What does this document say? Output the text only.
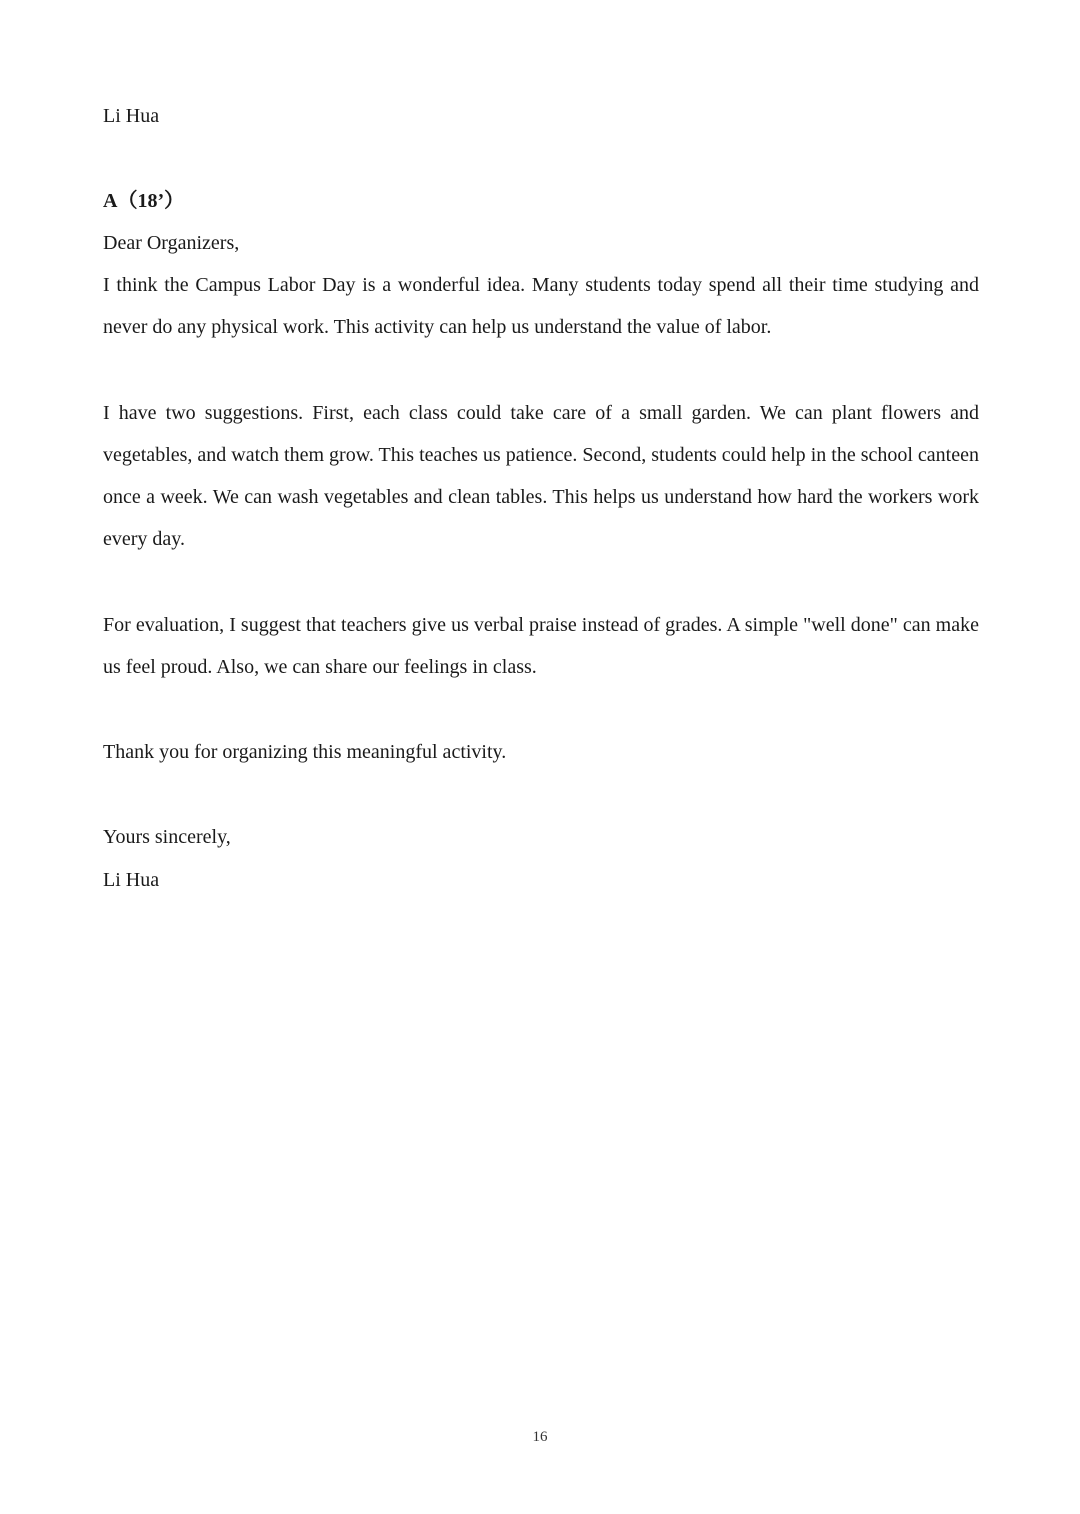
Li Hua

A（18’）

Dear Organizers,

I think the Campus Labor Day is a wonderful idea. Many students today spend all their time studying and never do any physical work. This activity can help us understand the value of labor.

I have two suggestions. First, each class could take care of a small garden. We can plant flowers and vegetables, and watch them grow. This teaches us patience. Second, students could help in the school canteen once a week. We can wash vegetables and clean tables. This helps us understand how hard the workers work every day.

For evaluation, I suggest that teachers give us verbal praise instead of grades. A simple "well done" can make us feel proud. Also, we can share our feelings in class.

Thank you for organizing this meaningful activity.

Yours sincerely,

Li Hua

16
